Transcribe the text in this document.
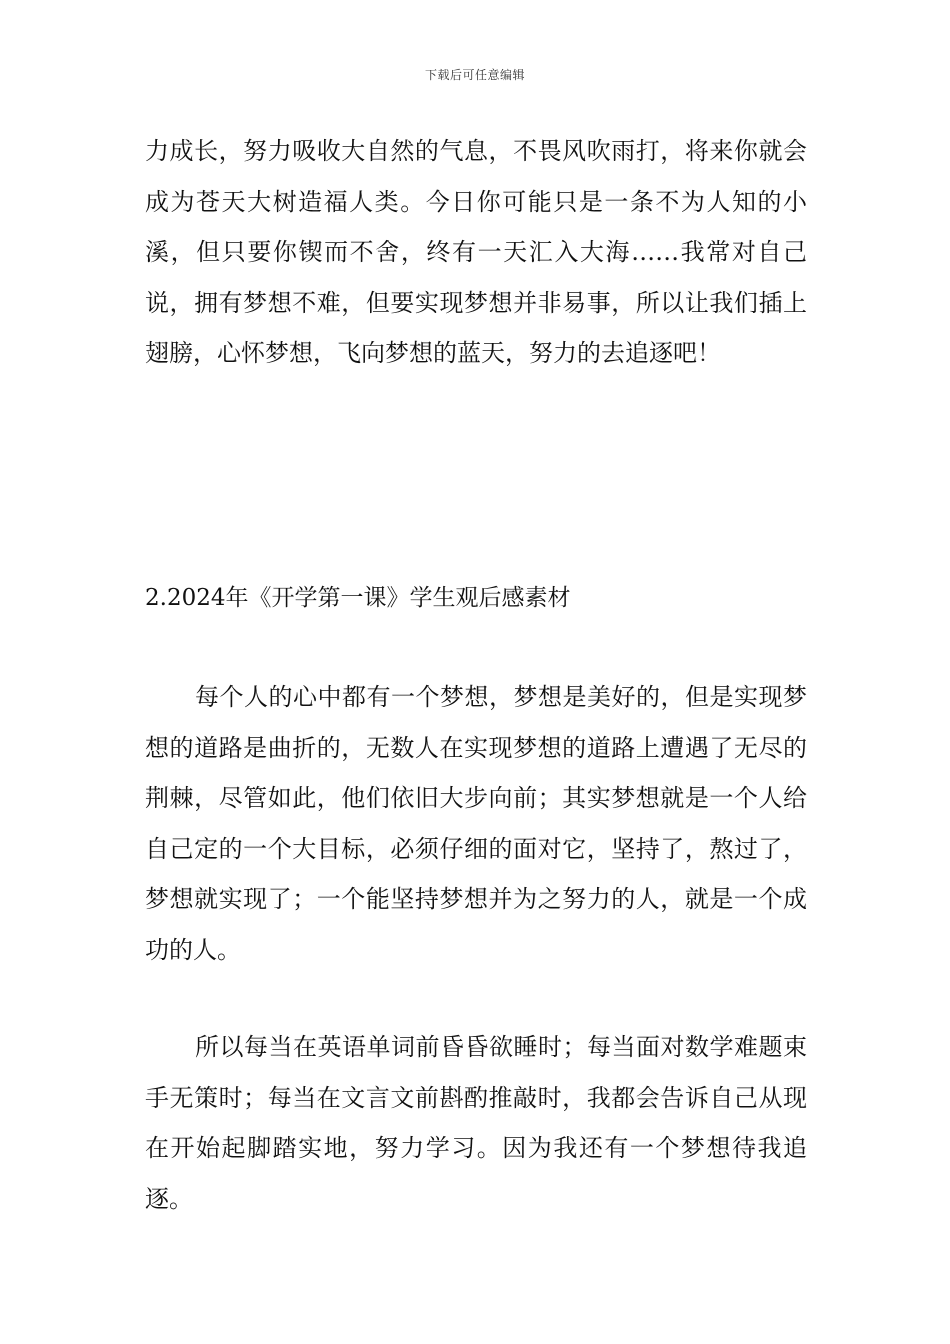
下载后可任意编辑

力成长，努力吸收大自然的气息，不畏风吹雨打，将来你就会成为苍天大树造福人类。今日你可能只是一条不为人知的小溪，但只要你锲而不舍，终有一天汇入大海……我常对自己说，拥有梦想不难，但要实现梦想并非易事，所以让我们插上翅膀，心怀梦想，飞向梦想的蓝天，努力的去追逐吧！

2.2024年《开学第一课》学生观后感素材

每个人的心中都有一个梦想，梦想是美好的，但是实现梦想的道路是曲折的，无数人在实现梦想的道路上遭遇了无尽的荆棘，尽管如此，他们依旧大步向前；其实梦想就是一个人给自己定的一个大目标，必须仔细的面对它，坚持了，熬过了，梦想就实现了；一个能坚持梦想并为之努力的人，就是一个成功的人。

所以每当在英语单词前昏昏欲睡时；每当面对数学难题束手无策时；每当在文言文前斟酌推敲时，我都会告诉自己从现在开始起脚踏实地，努力学习。因为我还有一个梦想待我追逐。
